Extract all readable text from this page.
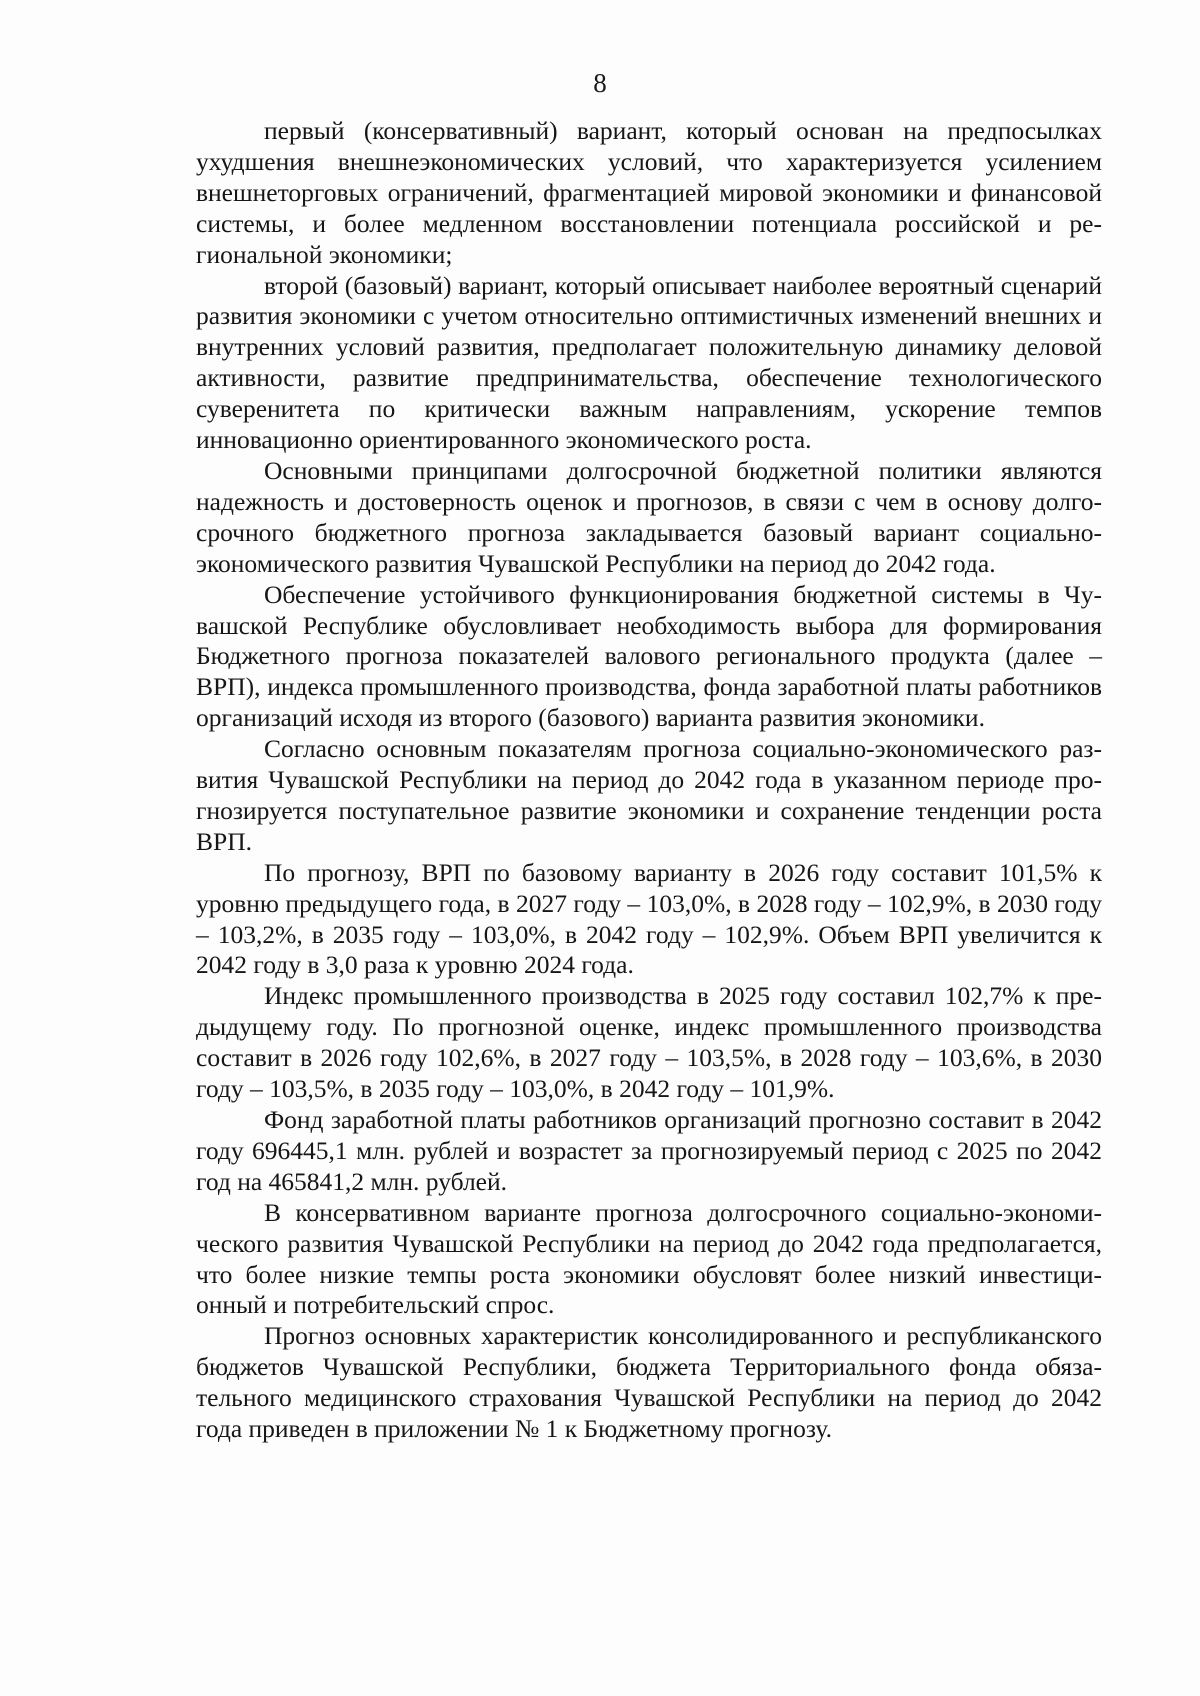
8

первый (консервативный) вариант, который основан на предпосылках ухудшения внешнеэкономических условий, что характеризуется усилением внешнеторговых ограничений, фрагментацией мировой экономики и финансовой системы, и более медленном восстановлении потенциала российской и региональной экономики;

второй (базовый) вариант, который описывает наиболее вероятный сценарий развития экономики с учетом относительно оптимистичных изменений внешних и внутренних условий развития, предполагает положительную динамику деловой активности, развитие предпринимательства, обеспечение технологического суверенитета по критически важным направлениям, ускорение темпов инновационно ориентированного экономического роста.

Основными принципами долгосрочной бюджетной политики являются надежность и достоверность оценок и прогнозов, в связи с чем в основу долгосрочного бюджетного прогноза закладывается базовый вариант социально-экономического развития Чувашской Республики на период до 2042 года.

Обеспечение устойчивого функционирования бюджетной системы в Чувашской Республике обусловливает необходимость выбора для формирования Бюджетного прогноза показателей валового регионального продукта (далее – ВРП), индекса промышленного производства, фонда заработной платы работников организаций исходя из второго (базового) варианта развития экономики.

Согласно основным показателям прогноза социально-экономического развития Чувашской Республики на период до 2042 года в указанном периоде прогнозируется поступательное развитие экономики и сохранение тенденции роста ВРП.

По прогнозу, ВРП по базовому варианту в 2026 году составит 101,5% к уровню предыдущего года, в 2027 году – 103,0%, в 2028 году – 102,9%, в 2030 году – 103,2%, в 2035 году – 103,0%, в 2042 году – 102,9%. Объем ВРП увеличится к 2042 году в 3,0 раза к уровню 2024 года.

Индекс промышленного производства в 2025 году составил 102,7% к предыдущему году. По прогнозной оценке, индекс промышленного производства составит в 2026 году 102,6%, в 2027 году – 103,5%, в 2028 году – 103,6%, в 2030 году – 103,5%, в 2035 году – 103,0%, в 2042 году – 101,9%.

Фонд заработной платы работников организаций прогнозно составит в 2042 году 696445,1 млн. рублей и возрастет за прогнозируемый период с 2025 по 2042 год на 465841,2 млн. рублей.

В консервативном варианте прогноза долгосрочного социально-экономического развития Чувашской Республики на период до 2042 года предполагается, что более низкие темпы роста экономики обусловят более низкий инвестиционный и потребительский спрос.

Прогноз основных характеристик консолидированного и республиканского бюджетов Чувашской Республики, бюджета Территориального фонда обязательного медицинского страхования Чувашской Республики на период до 2042 года приведен в приложении № 1 к Бюджетному прогнозу.
